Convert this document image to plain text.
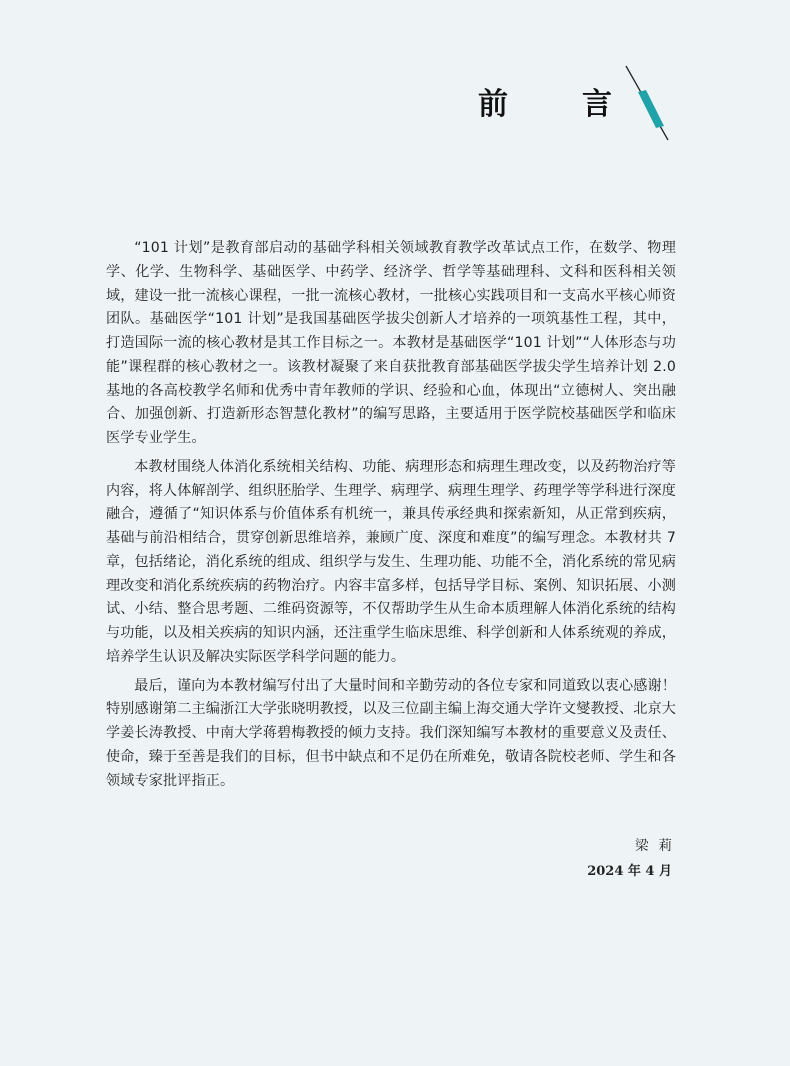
前 言

“101 计划”是教育部启动的基础学科相关领域教育教学改革试点工作，在数学、物理学、化学、生物科学、基础医学、中药学、经济学、哲学等基础理科、文科和医科相关领域，建设一批一流核心课程，一批一流核心教材，一批核心实践项目和一支高水平核心师资团队。基础医学“101 计划”是我国基础医学拔尖创新人才培养的一项筑基性工程，其中，打造国际一流的核心教材是其工作目标之一。本教材是基础医学“101 计划”“人体形态与功能”课程群的核心教材之一。该教材凝聚了来自获批教育部基础医学拔尖学生培养计划 2.0 基地的各高校教学名师和优秀中青年教师的学识、经验和心血，体现出“立德树人、突出融合、加强创新、打造新形态智慧化教材”的编写思路，主要适用于医学院校基础医学和临床医学专业学生。

本教材围绕人体消化系统相关结构、功能、病理形态和病理生理改变，以及药物治疗等内容，将人体解剖学、组织胚胎学、生理学、病理学、病理生理学、药理学等学科进行深度融合，遵循了“知识体系与价值体系有机统一，兼具传承经典和探索新知，从正常到疾病，基础与前沿相结合，贯穿创新思维培养，兼顾广度、深度和难度”的编写理念。本教材共 7 章，包括绪论，消化系统的组成、组织学与发生、生理功能、功能不全，消化系统的常见病理改变和消化系统疾病的药物治疗。内容丰富多样，包括导学目标、案例、知识拓展、小测试、小结、整合思考题、二维码资源等，不仅帮助学生从生命本质理解人体消化系统的结构与功能，以及相关疾病的知识内涵，还注重学生临床思维、科学创新和人体系统观的养成，培养学生认识及解决实际医学科学问题的能力。

最后，谨向为本教材编写付出了大量时间和辛勤劳动的各位专家和同道致以衷心感谢！特别感谢第二主编浙江大学张晓明教授，以及三位副主编上海交通大学许文燮教授、北京大学姜长涛教授、中南大学蒋碧梅教授的倾力支持。我们深知编写本教材的重要意义及责任、使命，臻于至善是我们的目标，但书中缺点和不足仍在所难免，敬请各院校老师、学生和各领域专家批评指正。

梁莉
2024 年 4 月
